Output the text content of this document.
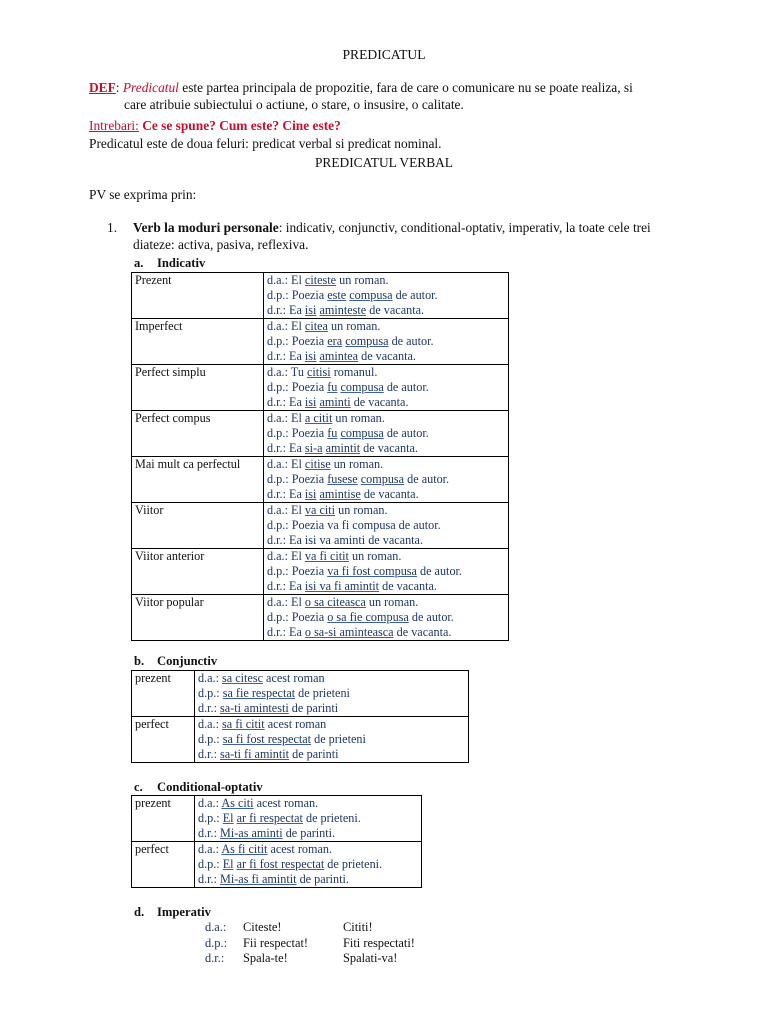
PREDICATUL
DEF: Predicatul este partea principala de propozitie, fara de care o comunicare nu se poate realiza, si
care atribuie subiectului o actiune, o stare, o insusire, o calitate.
Intrebari: Ce se spune? Cum este? Cine este?
Predicatul este de doua feluri: predicat verbal si predicat nominal.
PREDICATUL VERBAL
PV se exprima prin:
1. Verb la moduri personale: indicativ, conjunctiv, conditional-optativ, imperativ, la toate cele trei
diateze: activa, pasiva, reflexiva.
a. Indicativ
Prezent	d.a.: El citeste un roman.
d.p.: Poezia este compusa de autor.
d.r.: Ea isi aminteste de vacanta.

Imperfect	d.a.: El citea un roman.
d.p.: Poezia era compusa de autor.
d.r.: Ea isi amintea de vacanta.

Perfect simplu	d.a.: Tu citisi romanul.
d.p.: Poezia fu compusa de autor.
d.r.: Ea isi aminti de vacanta.

Perfect compus	d.a.: El a citit un roman.
d.p.: Poezia fu compusa de autor.
d.r.: Ea si-a amintit de vacanta.

Mai mult ca perfectul	d.a.: El citise un roman.
d.p.: Poezia fusese compusa de autor.
d.r.: Ea isi amintise de vacanta.

Viitor	d.a.: El va citi un roman.
d.p.: Poezia va fi compusa de autor.
d.r.: Ea isi va aminti de vacanta.

Viitor anterior	d.a.: El va fi citit un roman.
d.p.: Poezia va fi fost compusa de autor.
d.r.: Ea isi va fi amintit de vacanta.

Viitor popular	d.a.: El o sa citeasca un roman.
d.p.: Poezia o sa fie compusa de autor.
d.r.: Ea o sa-si aminteasca de vacanta.
b. Conjunctiv
prezent	d.a.: sa citesc acest roman
d.p.: sa fie respectat de prieteni
d.r.: sa-ti amintesti de parinti

perfect	d.a.: sa fi citit acest roman
d.p.: sa fi fost respectat de prieteni
d.r.: sa-ti fi amintit de parinti
c. Conditional-optativ
prezent	d.a.: As citi acest roman.
d.p.: El ar fi respectat de prieteni.
d.r.: Mi-as aminti de parinti.

perfect	d.a.: As fi citit acest roman.
d.p.: El ar fi fost respectat de prieteni.
d.r.: Mi-as fi amintit de parinti.
d. Imperativ
d.a.: Citeste!	Cititi!
d.p.: Fii respectat!	Fiti respectati!
d.r.: Spala-te!	Spalati-va!
